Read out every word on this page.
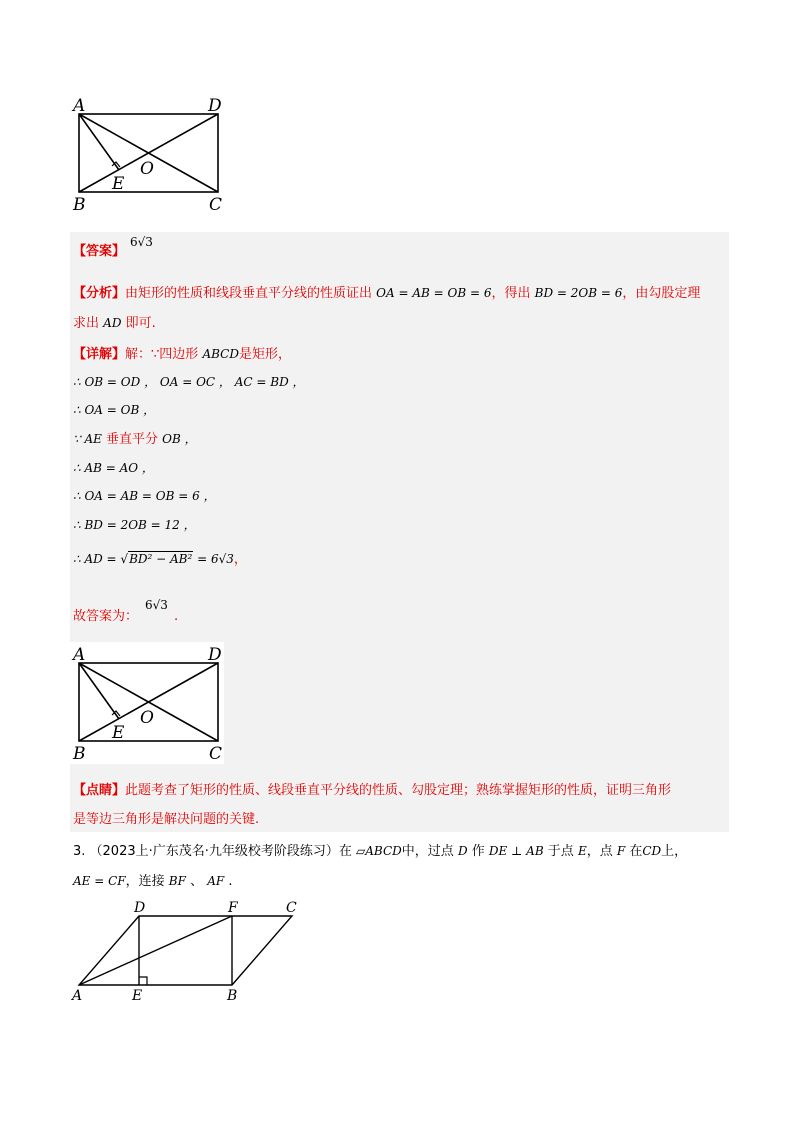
A	D
B	C
O
E
【答案】
6√3
【分析】由矩形的性质和线段垂直平分线的性质证出 OA = AB = OB = 6，得出 BD = 2OB = 6，由勾股定理
求出 AD 即可.
【详解】解：∵四边形 ABCD是矩形，
∴ OB = OD ， OA = OC ， AC = BD ，
∴ OA = OB ，
∵ AE 垂直平分 OB ，
∴ AB = AO ，
∴ OA = AB = OB = 6 ，
∴ BD = 2OB = 12 ，
∴ AD = √BD² − AB² = 6√3，
故答案为：
6√3
.
A	D
B	C
O
E
【点睛】此题考查了矩形的性质、线段垂直平分线的性质、勾股定理；熟练掌握矩形的性质，证明三角形
是等边三角形是解决问题的关键.
3. （2023上·广东茂名·九年级校考阶段练习）在 ▱ABCD中，过点 D 作 DE ⊥ AB 于点 E，点 F 在CD上，
AE = CF，连接 BF 、 AF .
D	F	C
A	E	B
